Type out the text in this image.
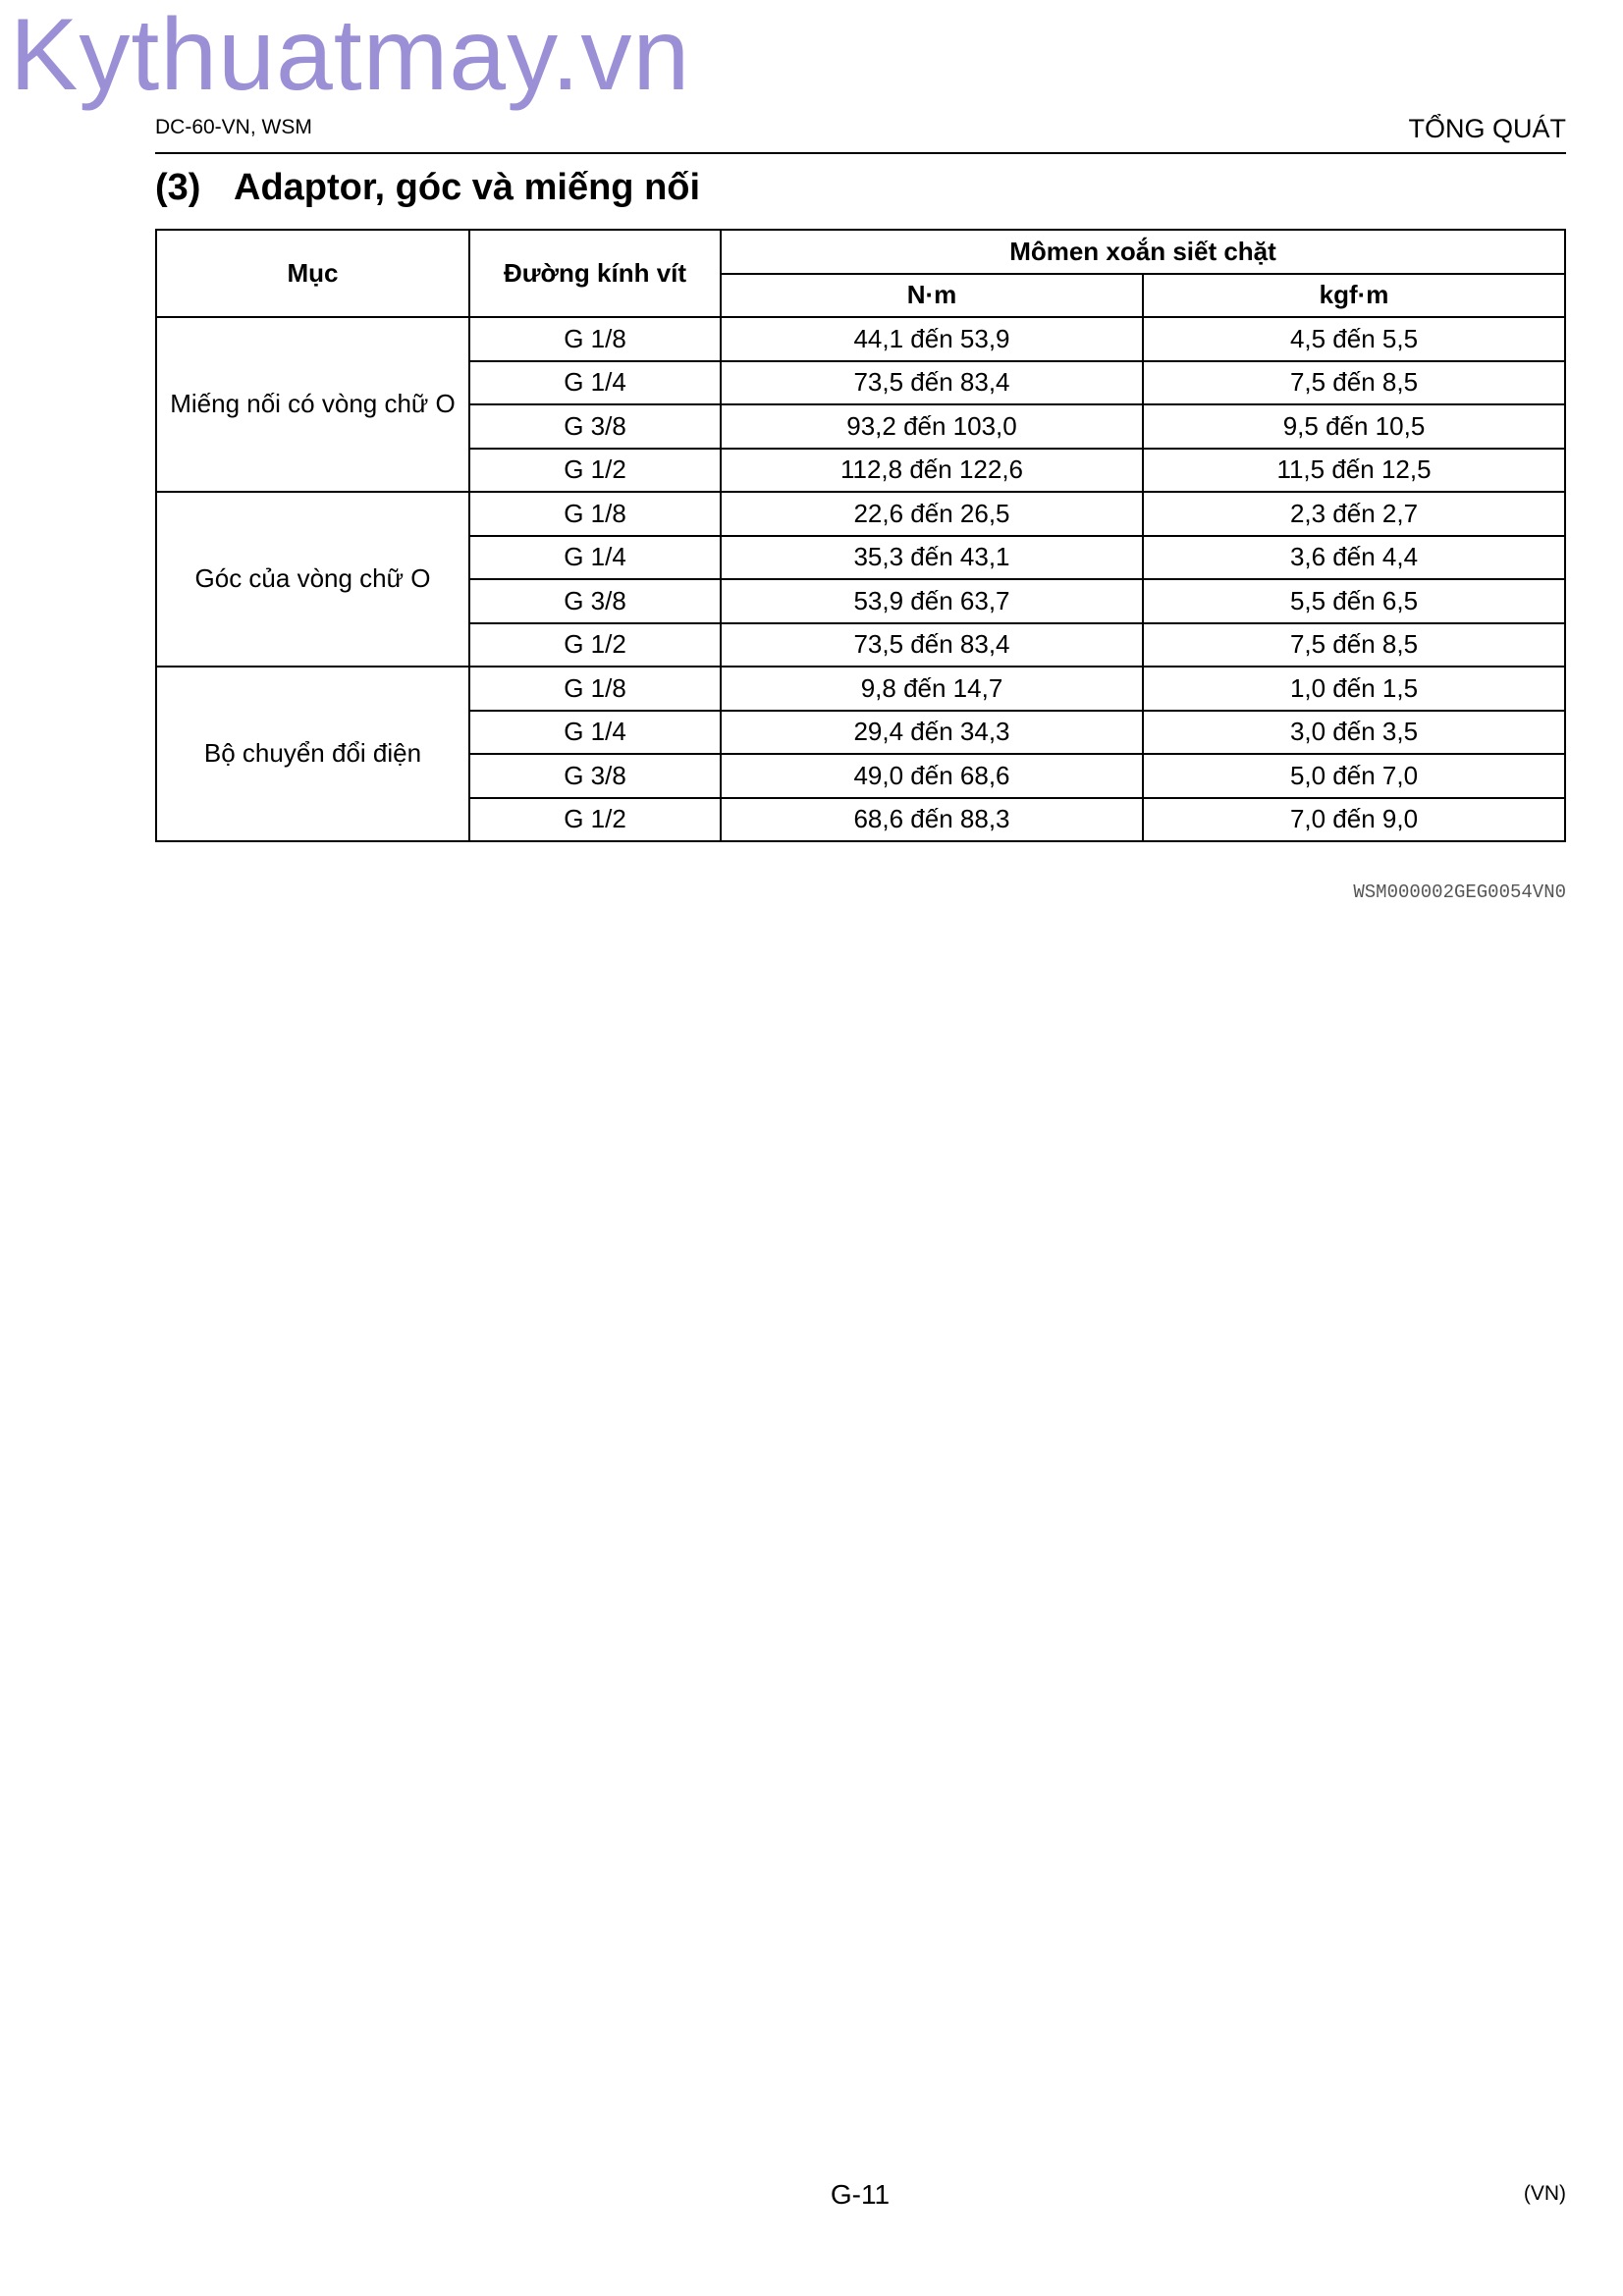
Kythuatmay.vn
DC-60-VN, WSM	TỔNG QUÁT
(3) Adaptor, góc và miếng nối
Mục	Đường kính vít	Mômen xoắn siết chặt	
		N·m	kgf·m
Miếng nối có vòng chữ O	G 1/8	44,1 đến 53,9	4,5 đến 5,5
	G 1/4	73,5 đến 83,4	7,5 đến 8,5
	G 3/8	93,2 đến 103,0	9,5 đến 10,5
	G 1/2	112,8 đến 122,6	11,5 đến 12,5
Góc của vòng chữ O	G 1/8	22,6 đến 26,5	2,3 đến 2,7
	G 1/4	35,3 đến 43,1	3,6 đến 4,4
	G 3/8	53,9 đến 63,7	5,5 đến 6,5
	G 1/2	73,5 đến 83,4	7,5 đến 8,5
Bộ chuyển đổi điện	G 1/8	9,8 đến 14,7	1,0 đến 1,5
	G 1/4	29,4 đến 34,3	3,0 đến 3,5
	G 3/8	49,0 đến 68,6	5,0 đến 7,0
	G 1/2	68,6 đến 88,3	7,0 đến 9,0
WSM000002GEG0054VN0
G-11	(VN)
